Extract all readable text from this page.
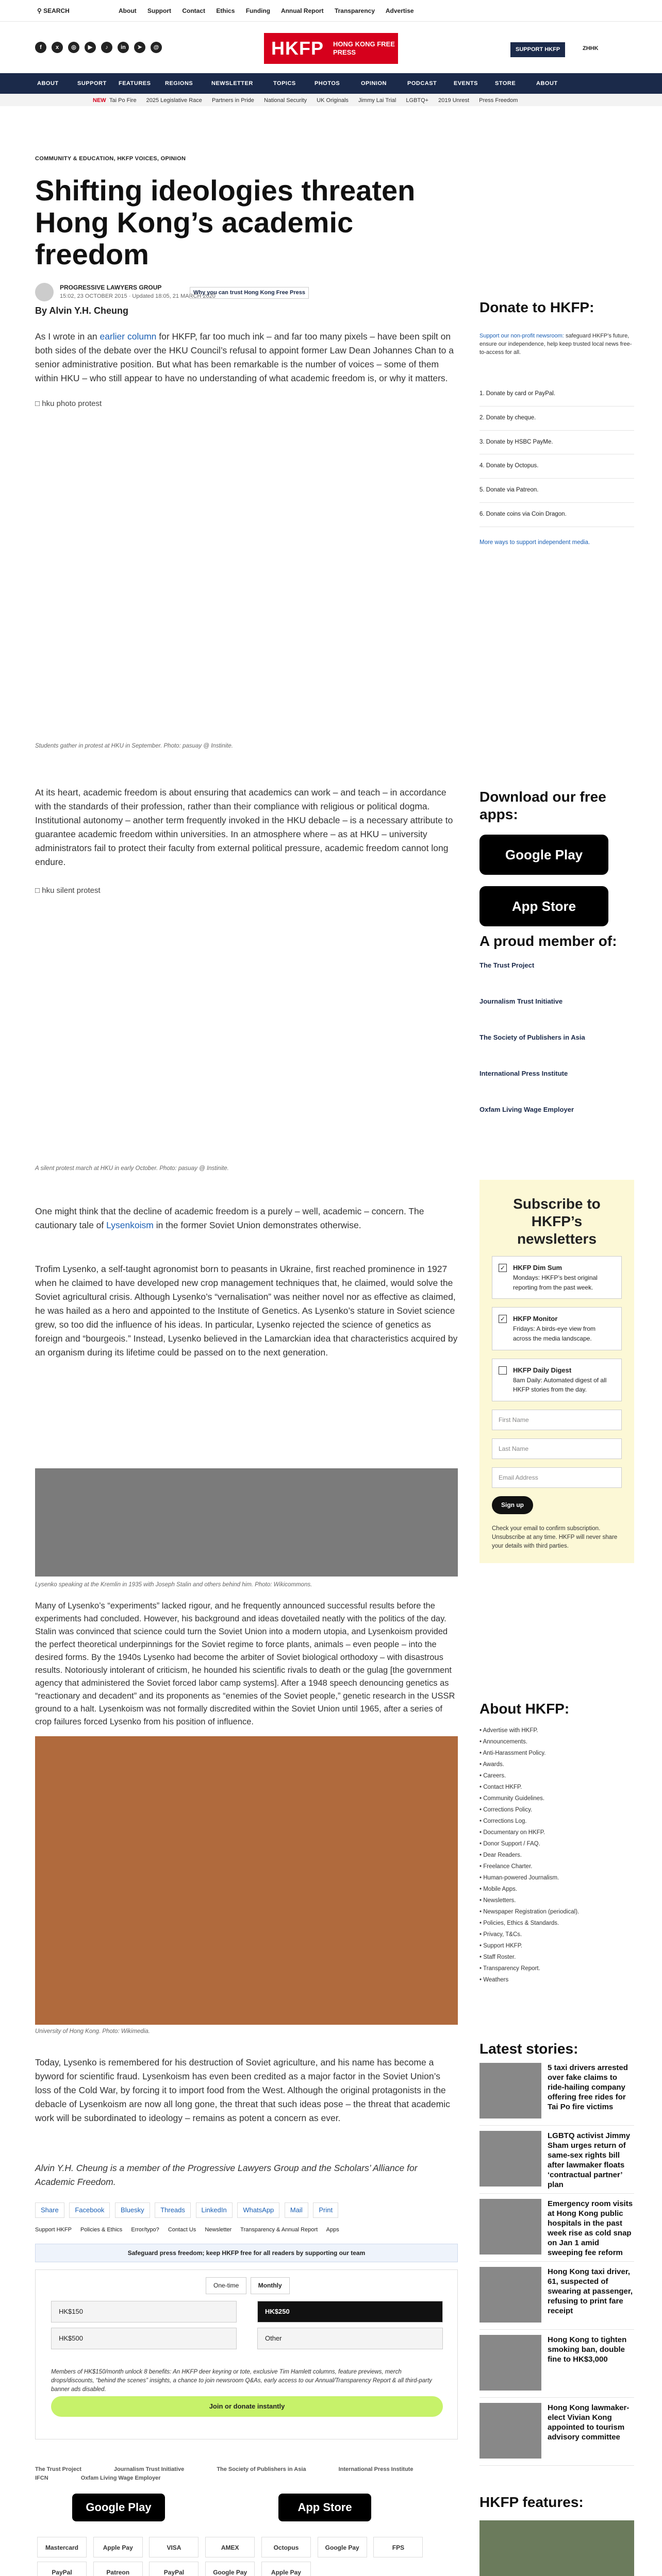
⚲ SEARCH	About Support Contact Ethics Funding Annual Report Transparency Advertise
f x ◎ ▶ ♪ in ➤ @	HKFP HONG KONG FREE PRESS	SUPPORT HKFP	ZHHK
ABOUT	SUPPORT FEATURES	REGIONS	NEWSLETTER	TOPICS	PHOTOS	OPINION	PODCAST	EVENTS	STORE	ABOUT
NEW Tai Po Fire 2025 Legislative Race Partners in Pride National Security UK Originals Jimmy Lai Trial LGBTQ+ 2019 Unrest Press Freedom
COMMUNITY & EDUCATION, HKFP VOICES, OPINION
Shifting ideologies threaten Hong Kong’s academic freedom
PROGRESSIVE LAWYERS GROUP
15:02, 23 OCTOBER 2015 · Updated 18:05, 21 MARCH 2020
Why you can trust Hong Kong Free Press
By Alvin Y.H. Cheung
As I wrote in an earlier column for HKFP, far too much ink – and far too many pixels – have been spilt on both sides of the debate over the HKU Council’s refusal to appoint former Law Dean Johannes Chan to a senior administrative position. But what has been remarkable is the number of voices – some of them within HKU – who still appear to have no understanding of what academic freedom is, or why it matters.
□ hku photo protest
Students gather in protest at HKU in September. Photo: pasuay @ Instinite.
At its heart, academic freedom is about ensuring that academics can work – and teach – in accordance with the standards of their profession, rather than their compliance with religious or political dogma. Institutional autonomy – another term frequently invoked in the HKU debacle – is a necessary attribute to guarantee academic freedom within universities. In an atmosphere where – as at HKU – university administrators fail to protect their faculty from external political pressure, academic freedom cannot long endure.
□ hku silent protest
A silent protest march at HKU in early October. Photo: pasuay @ Instinite.
One might think that the decline of academic freedom is a purely – well, academic – concern. The cautionary tale of Lysenkoism in the former Soviet Union demonstrates otherwise.
Trofim Lysenko, a self-taught agronomist born to peasants in Ukraine, first reached prominence in 1927 when he claimed to have developed new crop management techniques that, he claimed, would solve the Soviet agricultural crisis. Although Lysenko’s “vernalisation” was neither novel nor as effective as claimed, he was hailed as a hero and appointed to the Institute of Genetics. As Lysenko’s stature in Soviet science grew, so too did the influence of his ideas. In particular, Lysenko rejected the science of genetics as foreign and “bourgeois.” Instead, Lysenko believed in the Lamarckian idea that characteristics acquired by an organism during its lifetime could be passed on to the next generation.
Lysenko speaking at the Kremlin in 1935 with Joseph Stalin and others behind him. Photo: Wikicommons.
Many of Lysenko’s “experiments” lacked rigour, and he frequently announced successful results before the experiments had concluded. However, his background and ideas dovetailed neatly with the politics of the day. Stalin was convinced that science could turn the Soviet Union into a modern utopia, and Lysenkoism provided the perfect theoretical underpinnings for the Soviet regime to force plants, animals – even people – into the desired forms. By the 1940s Lysenko had become the arbiter of Soviet biological orthodoxy – with disastrous results. Notoriously intolerant of criticism, he hounded his scientific rivals to death or the gulag [the government agency that administered the Soviet forced labor camp systems]. After a 1948 speech denouncing genetics as “reactionary and decadent” and its proponents as “enemies of the Soviet people,” genetic research in the USSR ground to a halt. Lysenkoism was not formally discredited within the Soviet Union until 1965, after a series of crop failures forced Lysenko from his position of influence.
University of Hong Kong. Photo: Wikimedia.
Today, Lysenko is remembered for his destruction of Soviet agriculture, and his name has become a byword for scientific fraud. Lysenkoism has even been credited as a major factor in the Soviet Union’s loss of the Cold War, by forcing it to import food from the West. Although the original protagonists in the debacle of Lysenkoism are now all long gone, the threat that such ideas pose – the threat that academic work will be subordinated to ideology – remains as potent a concern as ever.
Alvin Y.H. Cheung is a member of the Progressive Lawyers Group and the Scholars’ Alliance for Academic Freedom.
Share Facebook Bluesky Threads LinkedIn WhatsApp Mail Print
Support HKFP Policies & Ethics Error/typo? Contact Us Newsletter Transparency & Annual Report Apps
Safeguard press freedom; keep HKFP free for all readers by supporting our team
One-time	Monthly
HK$150	HK$250
HK$500	Other
Members of HK$150/month unlock 8 benefits: An HKFP deer keyring or tote, exclusive Tim Hamlett columns, feature previews, merch drops/discounts, “behind the scenes” insights, a chance to join newsroom Q&As, early access to our Annual/Transparency Report & all third-party banner ads disabled.
Join or donate instantly
The Trust Project	Journalism Trust Initiative	The Society of Publishers in Asia	International Press Institute IFCN	Oxfam Living Wage Employer
Google Play	App Store
Mastercard	Apple Pay	VISA	AMEX	Octopus	Google Pay	FPS PayPal	Patreon	PayPal	Google Pay	Apple Pay
Donate to HKFP:
Support our non-profit newsroom: safeguard HKFP’s future, ensure our independence, help keep trusted local news free-to-access for all.
1. Donate by card or PayPal.
2. Donate by cheque.
3. Donate by HSBC PayMe.
4. Donate by Octopus.
5. Donate via Patreon.
6. Donate coins via Coin Dragon.
More ways to support independent media.
Download our free apps:
Google Play
App Store
A proud member of:
The Trust Project
Journalism Trust Initiative
The Society of Publishers in Asia
International Press Institute
Oxfam Living Wage Employer
Subscribe to HKFP’s newsletters
✓ HKFP Dim Sum
Mondays: HKFP’s best original reporting from the past week.
✓ HKFP Monitor
Fridays: A birds-eye view from across the media landscape.
HKFP Daily Digest
8am Daily: Automated digest of all HKFP stories from the day.
First Name
Last Name
Email Address
Sign up
Check your email to confirm subscription. Unsubscribe at any time. HKFP will never share your details with third parties.
About HKFP:
• Advertise with HKFP.
• Announcements.
• Anti-Harassment Policy.
• Awards.
• Careers.
• Contact HKFP.
• Community Guidelines.
• Corrections Policy.
• Corrections Log.
• Documentary on HKFP.
• Donor Support / FAQ.
• Dear Readers.
• Freelance Charter.
• Human-powered Journalism.
• Mobile Apps.
• Newsletters.
• Newspaper Registration (periodical).
• Policies, Ethics & Standards.
• Privacy, T&Cs.
• Support HKFP.
• Staff Roster.
• Transparency Report.
• Weathers
Latest stories:
5 taxi drivers arrested over fake claims to ride-hailing company offering free rides for Tai Po fire victims
LGBTQ activist Jimmy Sham urges return of same-sex rights bill after lawmaker floats ‘contractual partner’ plan
Emergency room visits at Hong Kong public hospitals in the past week rise as cold snap on Jan 1 amid sweeping fee reform
Hong Kong taxi driver, 61, suspected of swearing at passenger, refusing to print fare receipt
Hong Kong to tighten smoking ban, double fine to HK$3,000
Hong Kong lawmaker-elect Vivian Kong appointed to tourism advisory committee
HKFP features:
